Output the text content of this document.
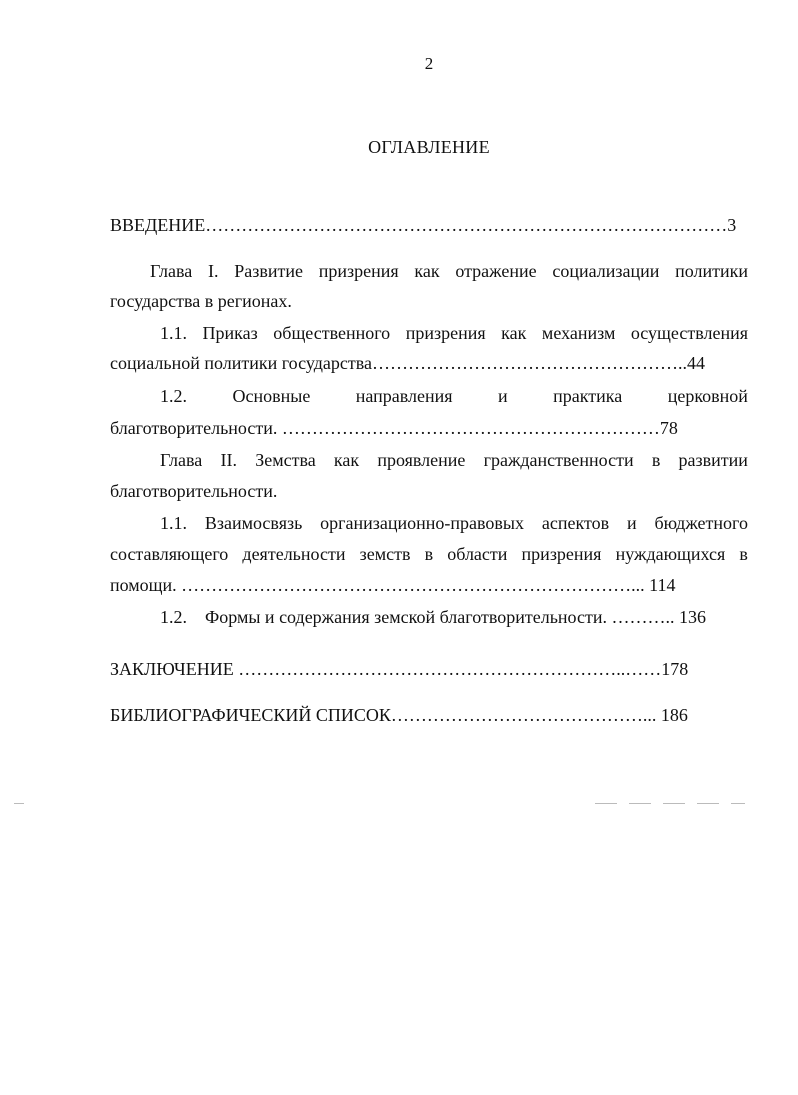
2
ОГЛАВЛЕНИЕ
ВВЕДЕНИЕ……………………………………………………………………………3
Глава I. Развитие призрения как отражение социализации политики
государства в регионах.
1.1. Приказ общественного призрения как механизм осуществления
социальной политики государства……………………………………………..44
1.2.	Основные	направления	и	практика	церковной
благотворительности. ………………………………………………………78
Глава II. Земства как проявление гражданственности в развитии
благотворительности.
1.1. Взаимосвязь организационно-правовых аспектов и бюджетного
составляющего деятельности земств в области призрения нуждающихся в
помощи. …………………………………………………………………... 114
1.2.    Формы и содержания земской благотворительности. ……….. 136
ЗАКЛЮЧЕНИЕ ………………………………………………………..……178
БИБЛИОГРАФИЧЕСКИЙ СПИСОК……………………………………... 186
